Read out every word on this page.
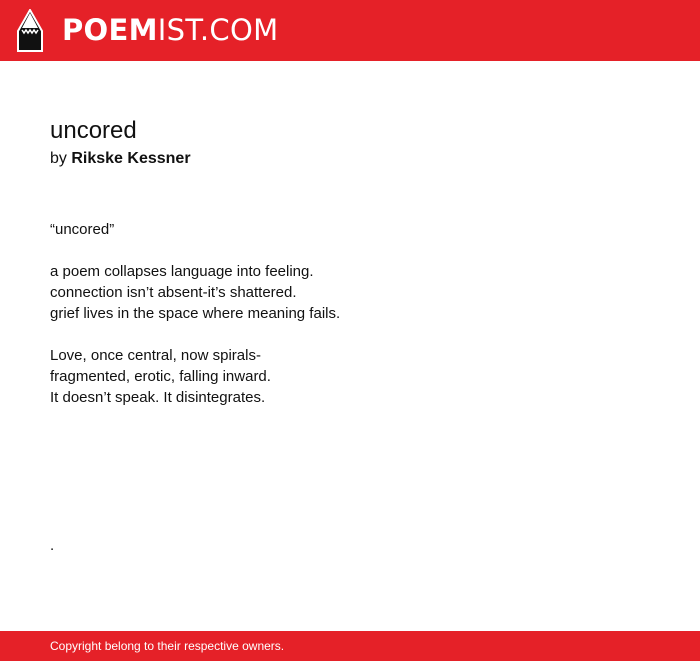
POEMIST.COM
uncored
by Rikske Kessner
“uncored”
a poem collapses language into feeling.
connection isn’t absent-it’s shattered.
grief lives in the space where meaning fails.
Love, once central, now spirals-
fragmented, erotic, falling inward.
It doesn’t speak. It disintegrates.
.
Copyright belong to their respective owners.
